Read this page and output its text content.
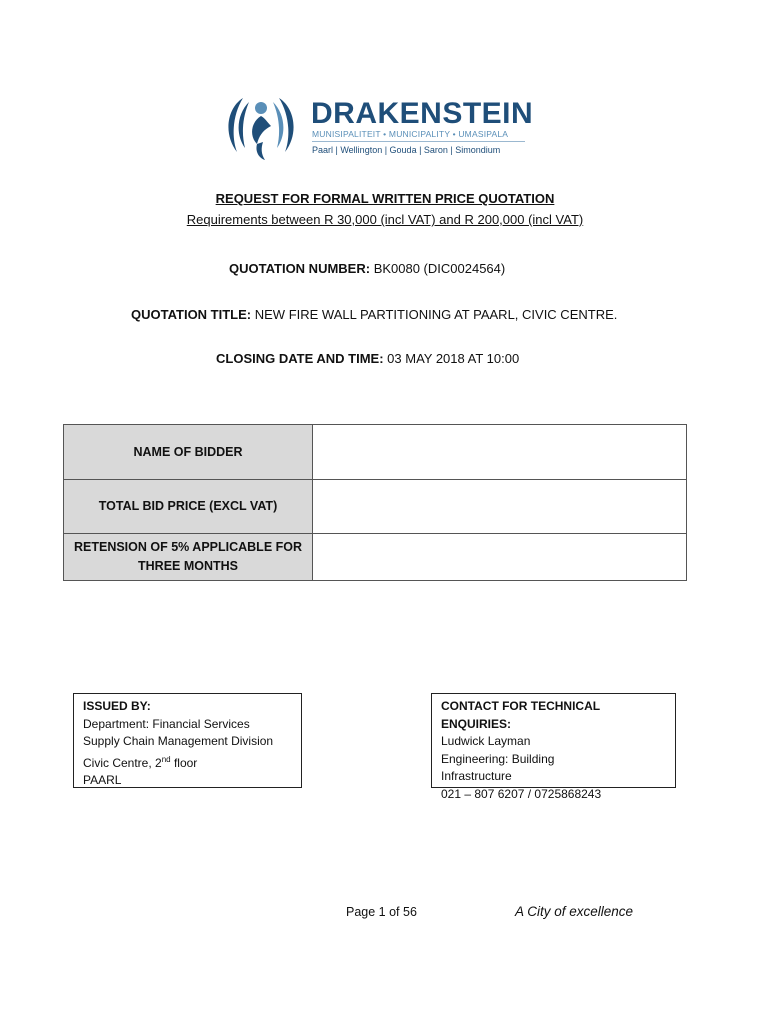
DRAKENSTEIN
MUNISIPALITEIT • MUNICIPALITY • UMASIPALA
Paarl | Wellington | Gouda | Saron | Simondium
REQUEST FOR FORMAL WRITTEN PRICE QUOTATION
Requirements between R 30,000 (incl VAT) and R 200,000 (incl VAT)
QUOTATION NUMBER: BK0080 (DIC0024564)
QUOTATION TITLE: NEW FIRE WALL PARTITIONING AT PAARL, CIVIC CENTRE.
CLOSING DATE AND TIME: 03 MAY 2018 AT 10:00
NAME OF BIDDER	
TOTAL BID PRICE (EXCL VAT)	
RETENSION OF 5% APPLICABLE FOR
THREE MONTHS	
ISSUED BY:
Department: Financial Services
Supply Chain Management Division
Civic Centre, 2nd floor
PAARL
CONTACT FOR TECHNICAL ENQUIRIES:
Ludwick Layman
Engineering: Building
Infrastructure
021 – 807 6207 / 0725868243
Page 1 of 56	A City of excellence
